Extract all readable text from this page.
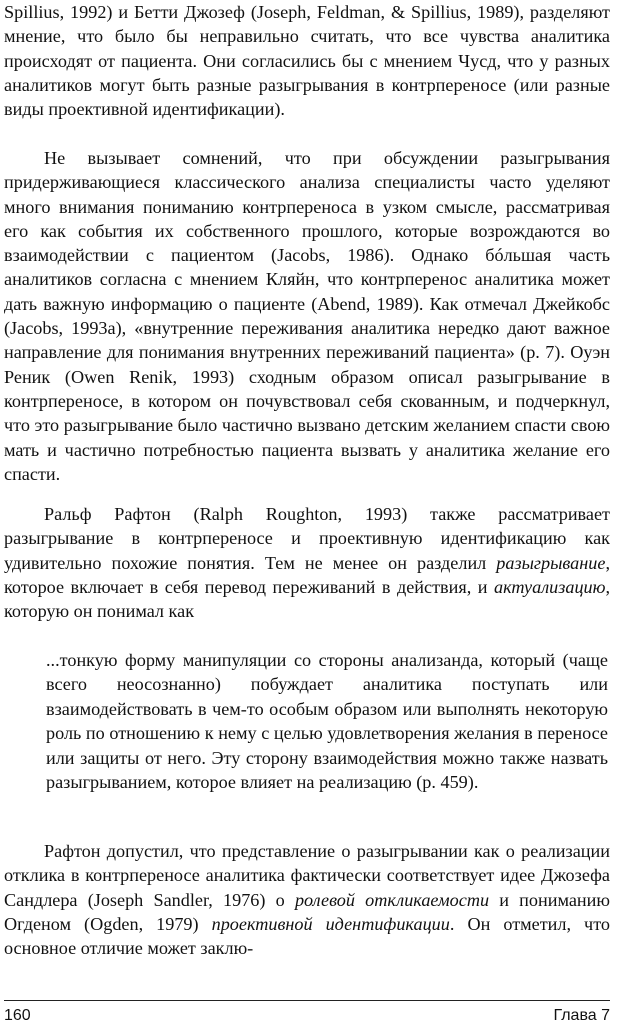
Spillius, 1992) и Бетти Джозеф (Joseph, Feldman, & Spillius, 1989), разделяют мнение, что было бы неправильно считать, что все чувства аналитика происходят от пациента. Они согласились бы с мнением Чусд, что у разных аналитиков могут быть разные разыгрывания в контрпереносе (или разные виды проективной идентификации).

Не вызывает сомнений, что при обсуждении разыгрывания придерживающиеся классического анализа специалисты часто уделяют много внимания пониманию контрпереноса в узком смысле, рассматривая его как события их собственного прошлого, которые возрождаются во взаимодействии с пациентом (Jacobs, 1986). Однако бóльшая часть аналитиков согласна с мнением Кляйн, что контрперенос аналитика может дать важную информацию о пациенте (Abend, 1989). Как отмечал Джейкобс (Jacobs, 1993a), «внутренние переживания аналитика нередко дают важное направление для понимания внутренних переживаний пациента» (р. 7). Оуэн Реник (Owen Renik, 1993) сходным образом описал разыгрывание в контрпереносе, в котором он почувствовал себя скованным, и подчеркнул, что это разыгрывание было частично вызвано детским желанием спасти свою мать и частично потребностью пациента вызвать у аналитика желание его спасти.

Ральф Рафтон (Ralph Roughton, 1993) также рассматривает разыгрывание в контрпереносе и проективную идентификацию как удивительно похожие понятия. Тем не менее он разделил разыгрывание, которое включает в себя перевод переживаний в действия, и актуализацию, которую он понимал как

...тонкую форму манипуляции со стороны анализанда, который (чаще всего неосознанно) побуждает аналитика поступать или взаимодействовать в чем-то особым образом или выполнять некоторую роль по отношению к нему с целью удовлетворения желания в переносе или защиты от него. Эту сторону взаимодействия можно также назвать разыгрыванием, которое влияет на реализацию (р. 459).

Рафтон допустил, что представление о разыгрывании как о реализации отклика в контрпереносе аналитика фактически соответствует идее Джозефа Сандлера (Joseph Sandler, 1976) о ролевой откликаемости и пониманию Огденом (Ogden, 1979) проективной идентификации. Он отметил, что основное отличие может заклю-

160	Глава 7
